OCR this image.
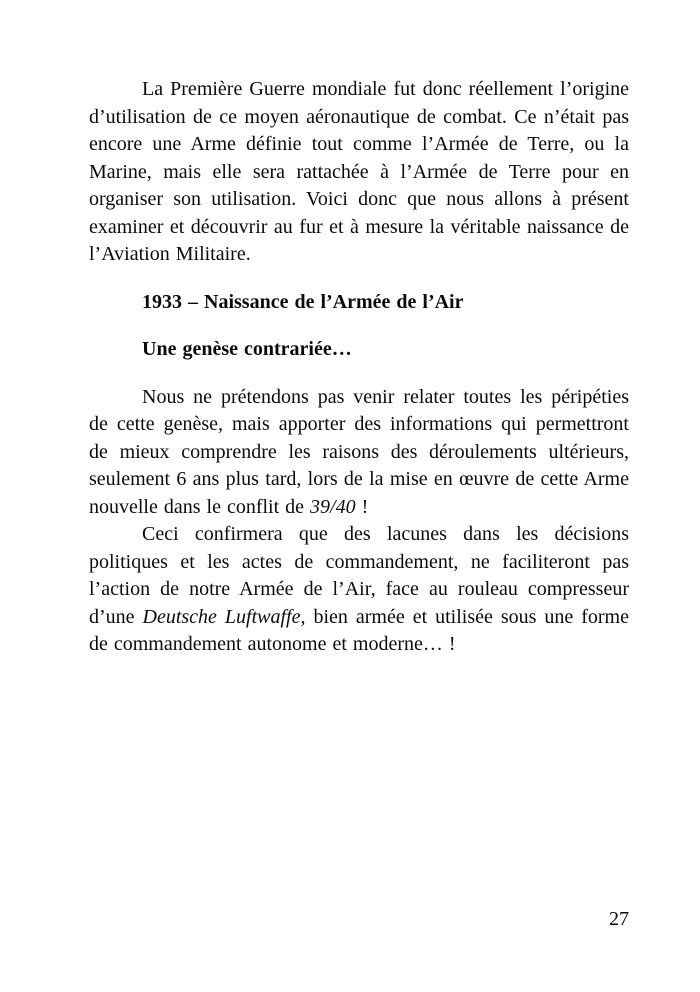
La Première Guerre mondiale fut donc réellement l’origine d’utilisation de ce moyen aéronautique de combat. Ce n’était pas encore une Arme définie tout comme l’Armée de Terre, ou la Marine, mais elle sera rattachée à l’Armée de Terre pour en organiser son utilisation. Voici donc que nous allons à présent examiner et découvrir au fur et à mesure la véritable naissance de l’Aviation Militaire.

1933 – Naissance de l’Armée de l’Air

Une genèse contrariée…

Nous ne prétendons pas venir relater toutes les péripéties de cette genèse, mais apporter des informations qui permettront de mieux comprendre les raisons des déroulements ultérieurs, seulement 6 ans plus tard, lors de la mise en œuvre de cette Arme nouvelle dans le conflit de 39/40 !

Ceci confirmera que des lacunes dans les décisions politiques et les actes de commandement, ne faciliteront pas l’action de notre Armée de l’Air, face au rouleau compresseur d’une Deutsche Luftwaffe, bien armée et utilisée sous une forme de commandement autonome et moderne… !

27
